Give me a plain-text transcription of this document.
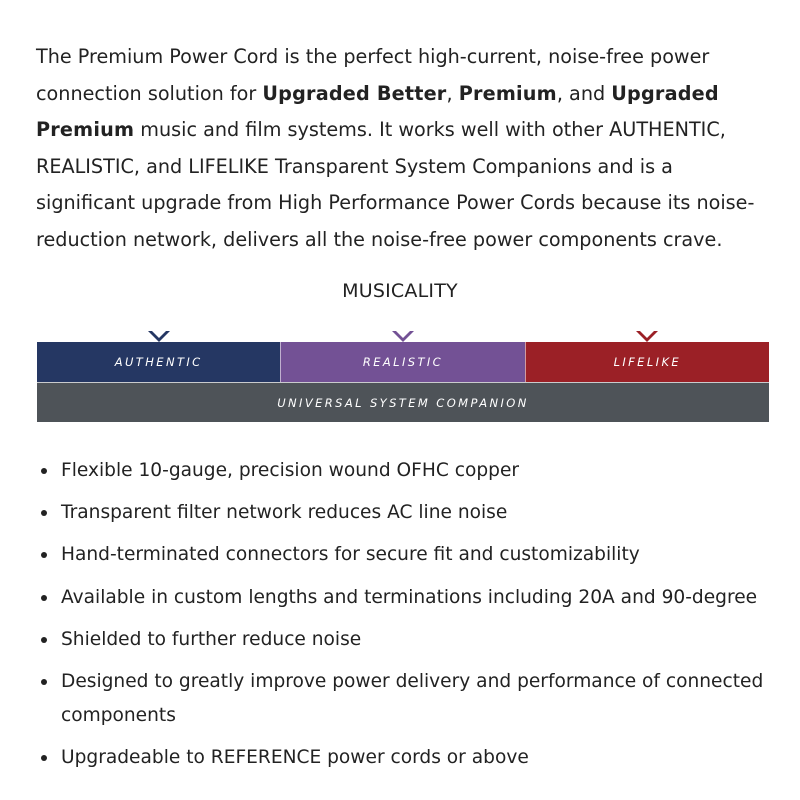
The Premium Power Cord is the perfect high-current, noise-free power connection solution for Upgraded Better, Premium, and Upgraded Premium music and film systems. It works well with other AUTHENTIC, REALISTIC, and LIFELIKE Transparent System Companions and is a significant upgrade from High Performance Power Cords because its noise-reduction network, delivers all the noise-free power components crave.

MUSICALITY
AUTHENTIC	REALISTIC	LIFELIKE
UNIVERSAL SYSTEM COMPANION
Flexible 10-gauge, precision wound OFHC copper
Transparent filter network reduces AC line noise
Hand-terminated connectors for secure fit and customizability
Available in custom lengths and terminations including 20A and 90-degree
Shielded to further reduce noise
Designed to greatly improve power delivery and performance of connected components
Upgradeable to REFERENCE power cords or above
